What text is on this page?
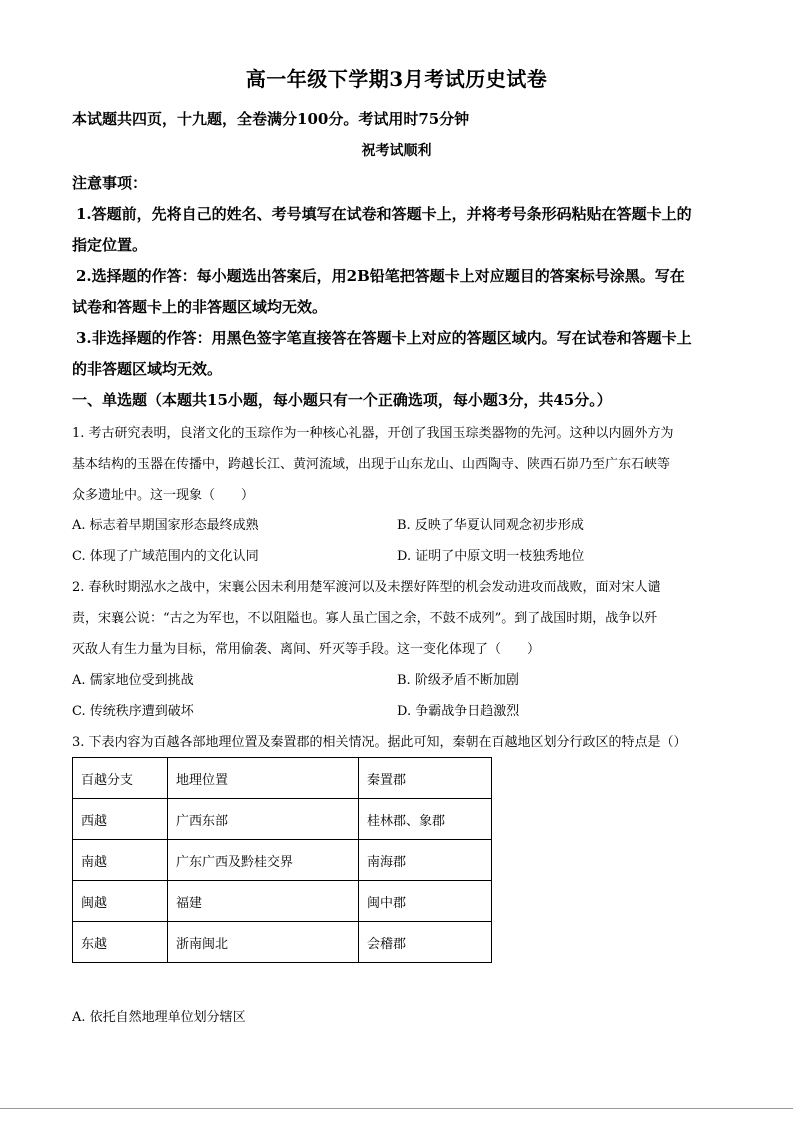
高一年级下学期3月考试历史试卷
本试题共四页，十九题，全卷满分100分。考试用时75分钟
祝考试顺利
注意事项：
1.答题前，先将自己的姓名、考号填写在试卷和答题卡上，并将考号条形码粘贴在答题卡上的
指定位置。
2.选择题的作答：每小题选出答案后，用2B铅笔把答题卡上对应题目的答案标号涂黑。写在
试卷和答题卡上的非答题区域均无效。
3.非选择题的作答：用黑色签字笔直接答在答题卡上对应的答题区域内。写在试卷和答题卡上
的非答题区域均无效。
一、单选题（本题共15小题，每小题只有一个正确选项，每小题3分，共45分。）
1. 考古研究表明，良渚文化的玉琮作为一种核心礼器，开创了我国玉琮类器物的先河。这种以内圆外方为
基本结构的玉器在传播中，跨越长江、黄河流域，出现于山东龙山、山西陶寺、陕西石峁乃至广东石峡等
众多遗址中。这一现象（　　）
A. 标志着早期国家形态最终成熟	B. 反映了华夏认同观念初步形成
C. 体现了广域范围内的文化认同	D. 证明了中原文明一枝独秀地位
2. 春秋时期泓水之战中，宋襄公因未利用楚军渡河以及未摆好阵型的机会发动进攻而战败，面对宋人谴
责，宋襄公说：“古之为军也，不以阻隘也。寡人虽亡国之余，不鼓不成列”。到了战国时期，战争以歼
灭敌人有生力量为目标，常用偷袭、离间、歼灭等手段。这一变化体现了（　　）
A. 儒家地位受到挑战	B. 阶级矛盾不断加剧
C. 传统秩序遭到破坏	D. 争霸战争日趋激烈
3. 下表内容为百越各部地理位置及秦置郡的相关情况。据此可知，秦朝在百越地区划分行政区的特点是（）
百越分支	地理位置	秦置郡
西越	广西东部	桂林郡、象郡
南越	广东广西及黔桂交界	南海郡
闽越	福建	闽中郡
东越	浙南闽北	会稽郡
A. 依托自然地理单位划分辖区
